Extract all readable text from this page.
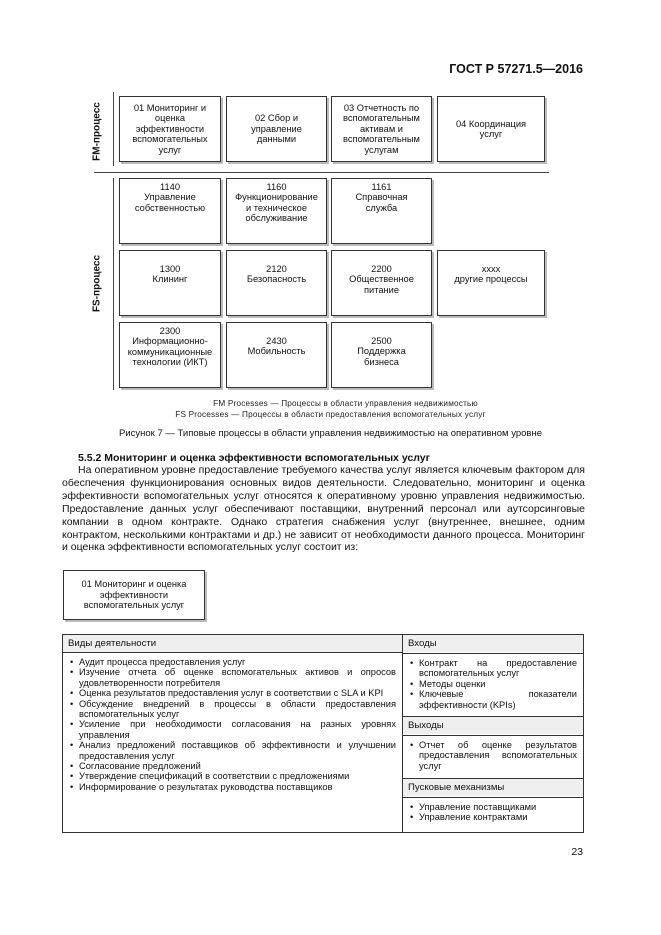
ГОСТ Р 57271.5—2016
FM-процесс
FS-процесс
01 Мониторинг и оценка эффективности вспомогательных услуг
02 Сбор и управление данными
03 Отчетность по вспомогательным активам и вспомогательным услугам
04 Координация услуг
1140
Управление собственностью
1160
Функционирование и техническое обслуживание
1161
Справочная служба
1300
Клининг
2120
Безопасность
2200
Общественное питание
хххх
другие процессы
2300
Информационно-коммуникационные технологии (ИКТ)
2430
Мобильность
2500
Поддержка бизнеса
FM Processes — Процессы в области управления недвижимостью
FS Processes — Процессы в области предоставления вспомогательных услуг
Рисунок 7 — Типовые процессы в области управления недвижимостью на оперативном уровне
5.5.2 Мониторинг и оценка эффективности вспомогательных услуг
На оперативном уровне предоставление требуемого качества услуг является ключевым фактором для обеспечения функционирования основных видов деятельности. Следовательно, мониторинг и оценка эффективности вспомогательных услуг относятся к оперативному уровню управления недвижимостью. Предоставление данных услуг обеспечивают поставщики, внутренний персонал или аутсорсинговые компании в одном контракте. Однако стратегия снабжения услуг (внутреннее, внешнее, одним контрактом, несколькими контрактами и др.) не зависит от необходимости данного процесса. Мониторинг и оценка эффективности вспомогательных услуг состоит из:
01 Мониторинг и оценка эффективности вспомогательных услуг
Виды деятельности
• Аудит процесса предоставления услуг
• Изучение отчета об оценке вспомогательных активов и опросов удовлетворенности потребителя
• Оценка результатов предоставления услуг в соответствии с SLA и KPI
• Обсуждение внедрений в процессы в области предоставления вспомогательных услуг
• Усиление при необходимости согласования на разных уровнях управления
• Анализ предложений поставщиков об эффективности и улучшении предоставления услуг
• Согласование предложений
• Утверждение спецификаций в соответствии с предложениями
• Информирование о результатах руководства поставщиков

Входы

• Контракт на предоставление вспомогательных услуг
• Методы оценки
• Ключевые показатели эффективности (KPIs)

Выходы

• Отчет об оценке результатов предоставления вспомогательных услуг

Пусковые механизмы

• Управление поставщиками
• Управление контрактами
23
